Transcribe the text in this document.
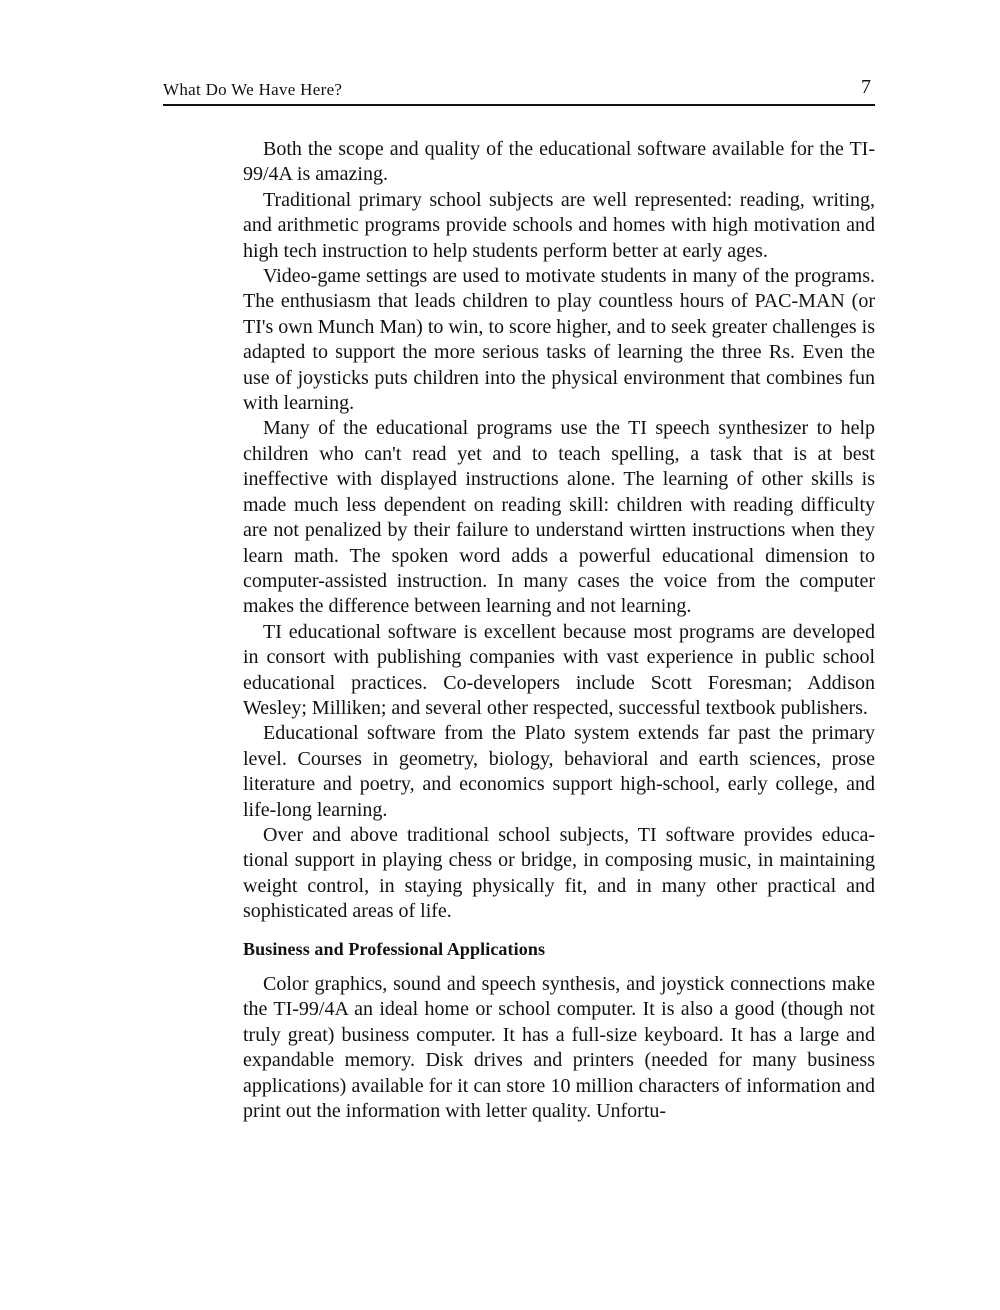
What Do We Have Here?	7

Both the scope and quality of the educational software available for the TI-99/4A is amazing.

Traditional primary school subjects are well represented: reading, writing, and arithmetic programs provide schools and homes with high motivation and high tech instruction to help students perform better at early ages.

Video-game settings are used to motivate students in many of the programs. The enthusiasm that leads children to play countless hours of PAC-MAN (or TI's own Munch Man) to win, to score higher, and to seek greater challenges is adapted to support the more serious tasks of learning the three Rs. Even the use of joysticks puts children into the physical environment that combines fun with learning.

Many of the educational programs use the TI speech synthesizer to help children who can't read yet and to teach spelling, a task that is at best ineffective with displayed instructions alone. The learning of other skills is made much less dependent on reading skill: children with reading difficulty are not penalized by their failure to understand wirtten instructions when they learn math. The spoken word adds a powerful educational dimension to computer-assisted instruction. In many cases the voice from the computer makes the difference between learning and not learning.

TI educational software is excellent because most programs are developed in consort with publishing companies with vast experience in public school educational practices. Co-developers include Scott Foresman; Addison Wesley; Milliken; and several other respected, successful textbook publishers.

Educational software from the Plato system extends far past the primary level. Courses in geometry, biology, behavioral and earth sciences, prose literature and poetry, and economics support high-school, early college, and life-long learning.

Over and above traditional school subjects, TI software provides educational support in playing chess or bridge, in composing music, in maintaining weight control, in staying physically fit, and in many other practical and sophisticated areas of life.

Business and Professional Applications

Color graphics, sound and speech synthesis, and joystick connections make the TI-99/4A an ideal home or school computer. It is also a good (though not truly great) business computer. It has a full-size keyboard. It has a large and expandable memory. Disk drives and printers (needed for many business applications) available for it can store 10 million characters of information and print out the information with letter quality. Unfortu-
